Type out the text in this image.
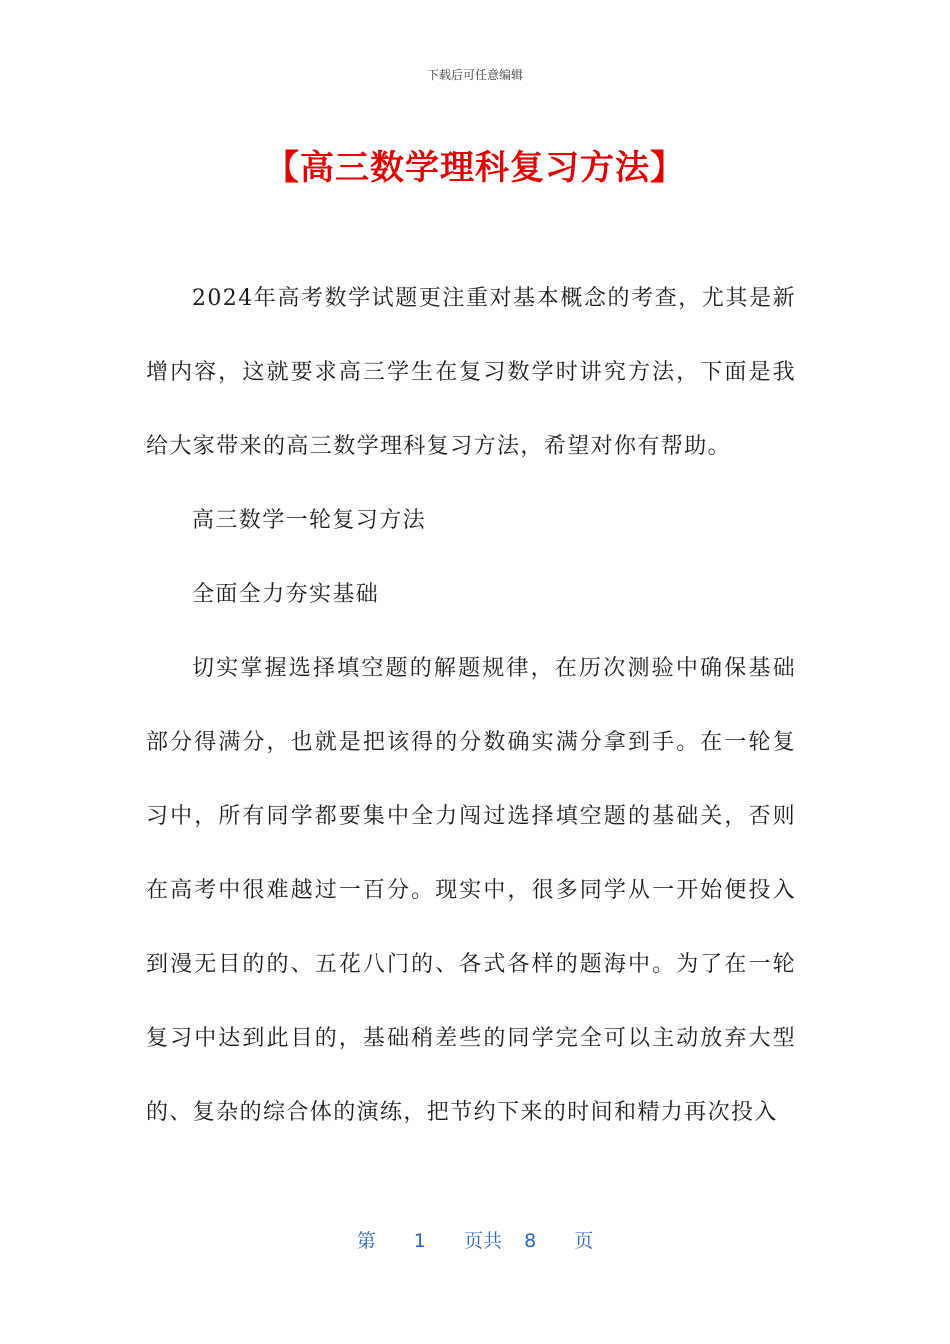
下载后可任意编辑
【高三数学理科复习方法】

2024年高考数学试题更注重对基本概念的考查，尤其是新增内容，这就要求高三学生在复习数学时讲究方法，下面是我给大家带来的高三数学理科复习方法，希望对你有帮助。

高三数学一轮复习方法

全面全力夯实基础

切实掌握选择填空题的解题规律，在历次测验中确保基础部分得满分，也就是把该得的分数确实满分拿到手。在一轮复习中，所有同学都要集中全力闯过选择填空题的基础关，否则在高考中很难越过一百分。现实中，很多同学从一开始便投入到漫无目的的、五花八门的、各式各样的题海中。为了在一轮复习中达到此目的，基础稍差些的同学完全可以主动放弃大型的、复杂的综合体的演练，把节约下来的时间和精力再次投入

第 1 页共 8 页
